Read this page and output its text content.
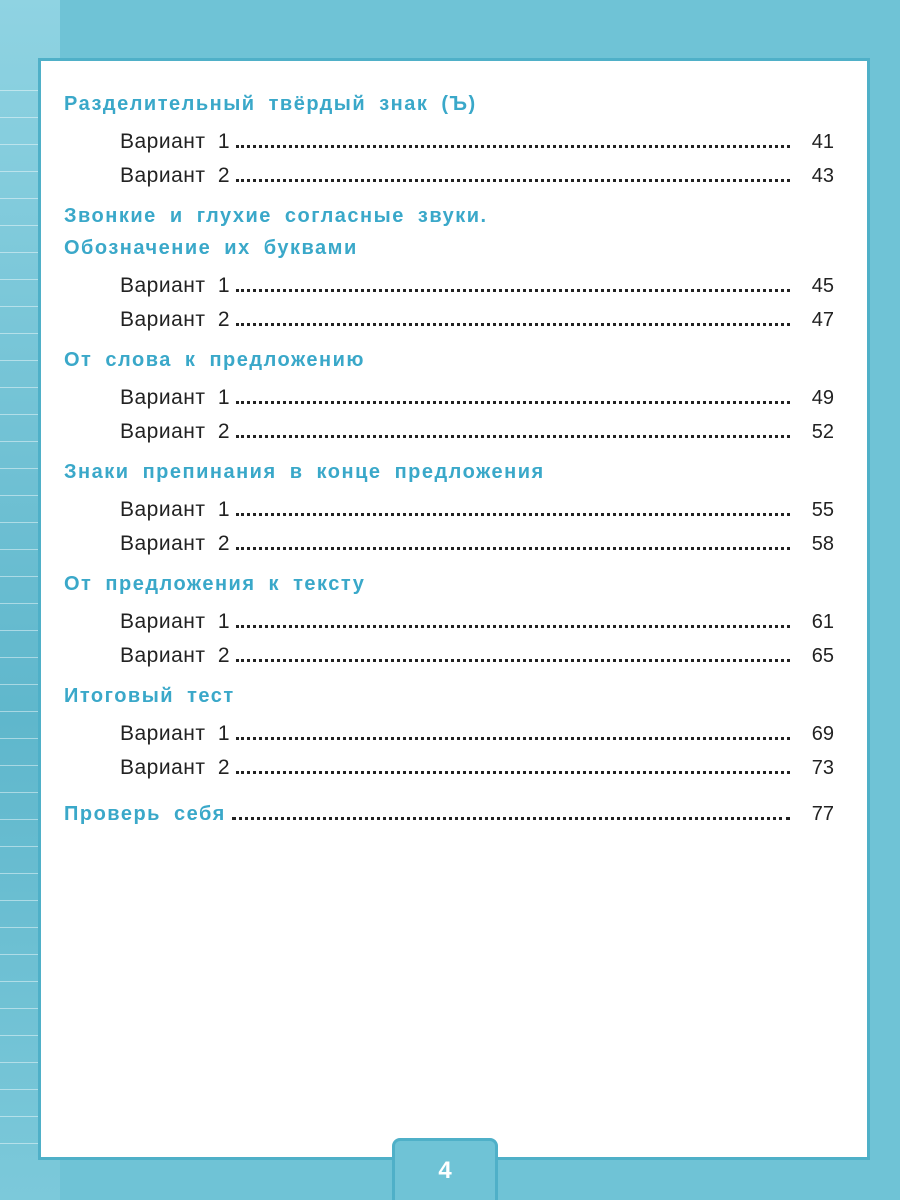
Разделительный твёрдый знак (Ъ)
Вариант 1	41
Вариант 2	43
Звонкие и глухие согласные звуки.
Обозначение их буквами
Вариант 1	45
Вариант 2	47
От слова к предложению
Вариант 1	49
Вариант 2	52
Знаки препинания в конце предложения
Вариант 1	55
Вариант 2	58
От предложения к тексту
Вариант 1	61
Вариант 2	65
Итоговый тест
Вариант 1	69
Вариант 2	73
Проверь себя	77
4
